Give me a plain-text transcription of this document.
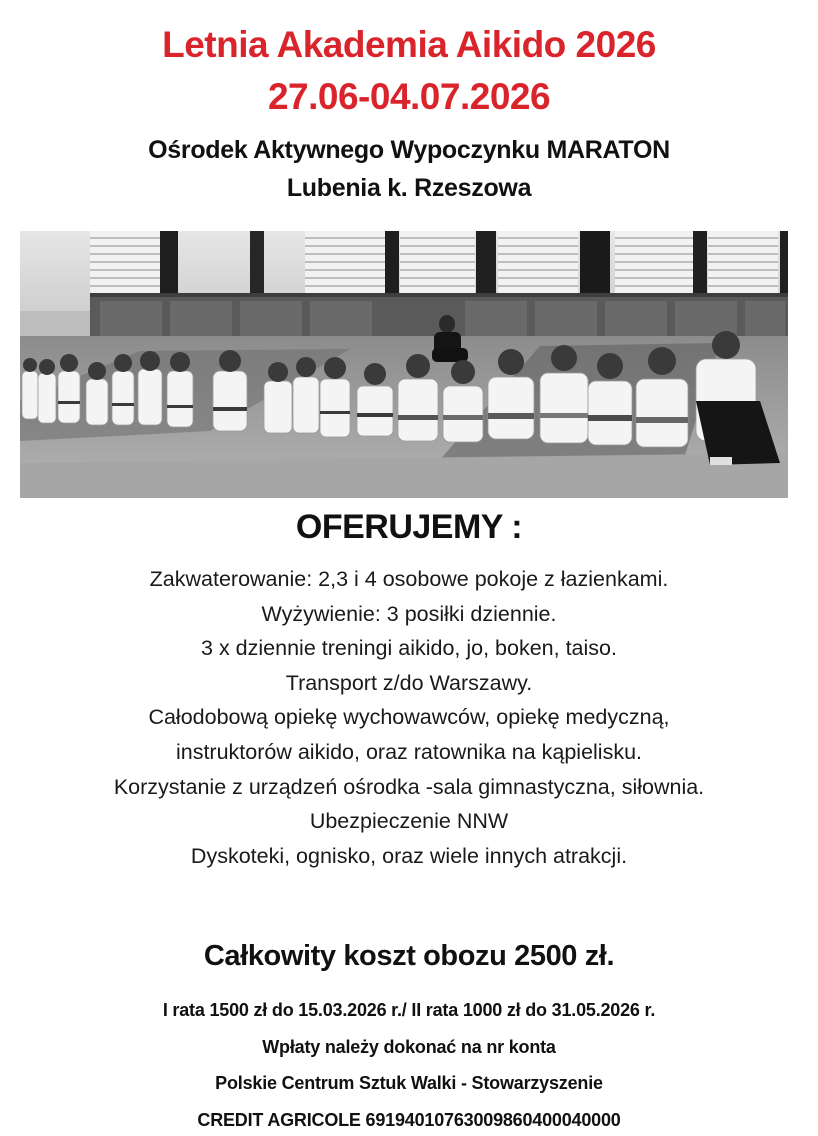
Letnia Akademia Aikido 2026
27.06-04.07.2026
Ośrodek Aktywnego Wypoczynku MARATON
Lubenia k. Rzeszowa
OFERUJEMY :
Zakwaterowanie: 2,3 i 4 osobowe pokoje z łazienkami.
Wyżywienie: 3 posiłki dziennie.
3 x dziennie treningi aikido, jo, boken, taiso.
Transport z/do Warszawy.
Całodobową opiekę wychowawców, opiekę medyczną,
instruktorów aikido, oraz ratownika na kąpielisku.
Korzystanie z urządzeń ośrodka -sala gimnastyczna, siłownia.
Ubezpieczenie NNW
Dyskoteki, ognisko, oraz wiele innych atrakcji.
Całkowity koszt obozu 2500 zł.
I rata 1500 zł do 15.03.2026 r./ II rata 1000 zł do 31.05.2026 r.
Wpłaty należy dokonać na nr konta
Polskie Centrum Sztuk Walki - Stowarzyszenie
CREDIT AGRICOLE 69194010763009860400040000
